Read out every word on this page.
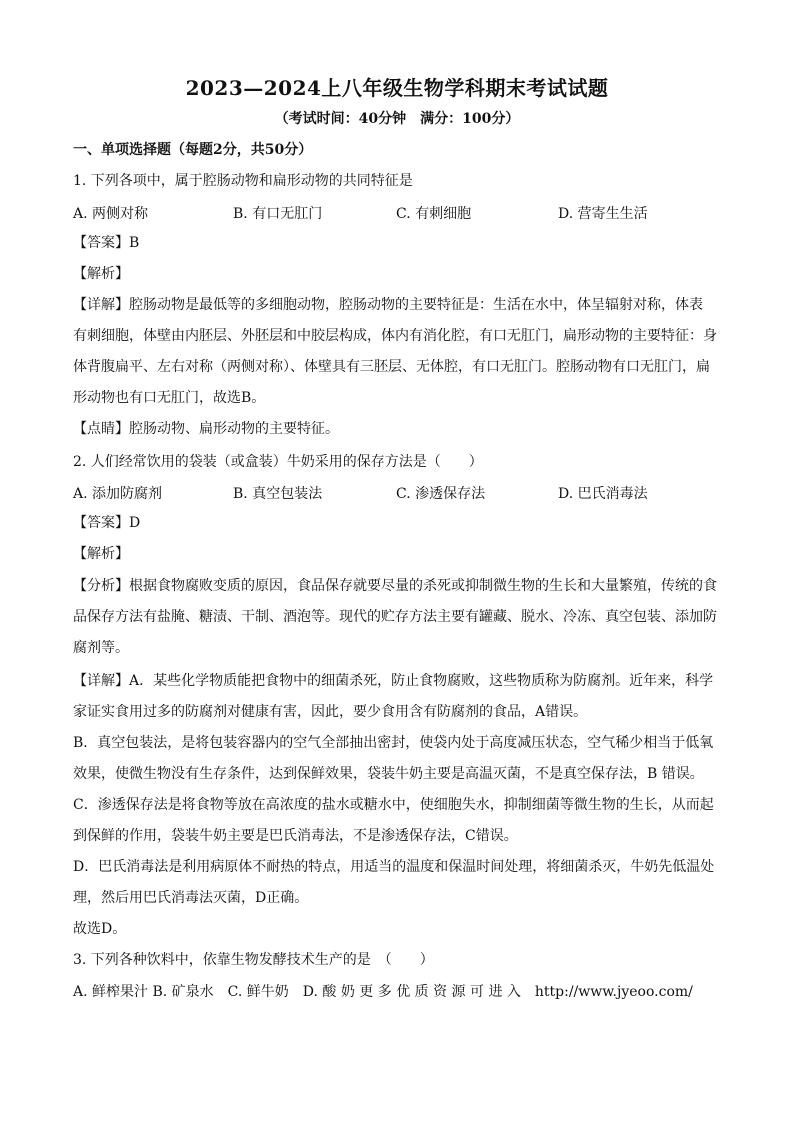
2023—2024上八年级生物学科期末考试试题
（考试时间：40分钟　满分：100分）
一、单项选择题（每题2分，共50分）
1. 下列各项中，属于腔肠动物和扁形动物的共同特征是
A. 两侧对称	B. 有口无肛门	C. 有刺细胞	D. 营寄生生活
【答案】B
【解析】
【详解】腔肠动物是最低等的多细胞动物，腔肠动物的主要特征是：生活在水中，体呈辐射对称，体表
有刺细胞，体壁由内胚层、外胚层和中胶层构成，体内有消化腔，有口无肛门，扁形动物的主要特征：身
体背腹扁平、左右对称（两侧对称）、体壁具有三胚层、无体腔，有口无肛门。腔肠动物有口无肛门，扁
形动物也有口无肛门，故选B。
【点睛】腔肠动物、扁形动物的主要特征。
2. 人们经常饮用的袋装（或盒装）牛奶采用的保存方法是（　　）
A. 添加防腐剂	B. 真空包装法	C. 渗透保存法	D. 巴氏消毒法
【答案】D
【解析】
【分析】根据食物腐败变质的原因，食品保存就要尽量的杀死或抑制微生物的生长和大量繁殖，传统的食
品保存方法有盐腌、糖渍、干制、酒泡等。现代的贮存方法主要有罐藏、脱水、冷冻、真空包装、添加防
腐剂等。
【详解】A．某些化学物质能把食物中的细菌杀死，防止食物腐败，这些物质称为防腐剂。近年来，科学
家证实食用过多的防腐剂对健康有害，因此，要少食用含有防腐剂的食品，A错误。
B．真空包装法，是将包装容器内的空气全部抽出密封，使袋内处于高度减压状态，空气稀少相当于低氧
效果，使微生物没有生存条件，达到保鲜效果，袋装牛奶主要是高温灭菌，不是真空保存法，B 错误。
C．渗透保存法是将食物等放在高浓度的盐水或糖水中，使细胞失水，抑制细菌等微生物的生长，从而起
到保鲜的作用，袋装牛奶主要是巴氏消毒法，不是渗透保存法，C错误。
D．巴氏消毒法是利用病原体不耐热的特点，用适当的温度和保温时间处理，将细菌杀灭，牛奶先低温处
理，然后用巴氏消毒法灭菌，D正确。
故选D。
3. 下列各种饮料中，依靠生物发酵技术生产的是　（　　）
A. 鲜榨果汁 B. 矿泉水　C. 鲜牛奶　D. 酸 奶 更 多 优 质 资 源 可 进 入　http://www.jyeoo.com/
